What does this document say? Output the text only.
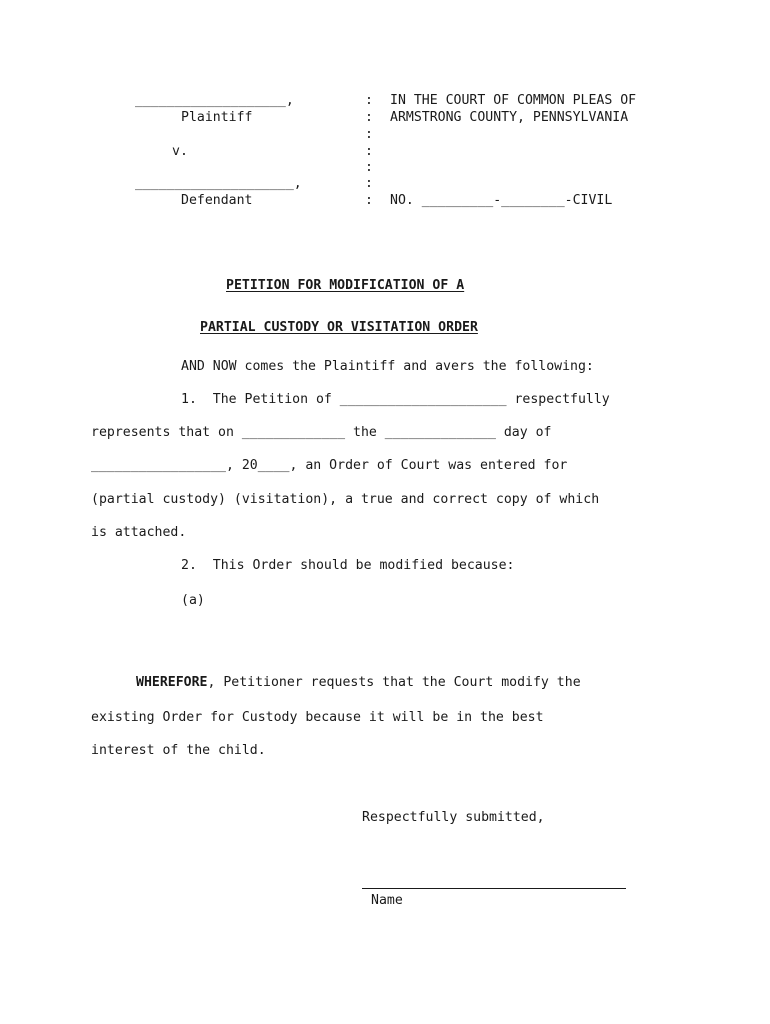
___________________,
Plaintiff
v.
____________________,
Defendant
:
:
:
:
:
:
:
IN THE COURT OF COMMON PLEAS OF
ARMSTRONG COUNTY, PENNSYLVANIA
NO. _________-________-CIVIL
PETITION FOR MODIFICATION OF A
PARTIAL CUSTODY OR VISITATION ORDER
AND NOW comes the Plaintiff and avers the following:
1.  The Petition of _____________________ respectfully
represents that on _____________ the ______________ day of
_________________, 20____, an Order of Court was entered for
(partial custody) (visitation), a true and correct copy of which
is attached.
2.  This Order should be modified because:
(a)
WHEREFORE, Petitioner requests that the Court modify the
existing Order for Custody because it will be in the best
interest of the child.
Respectfully submitted,
Name
